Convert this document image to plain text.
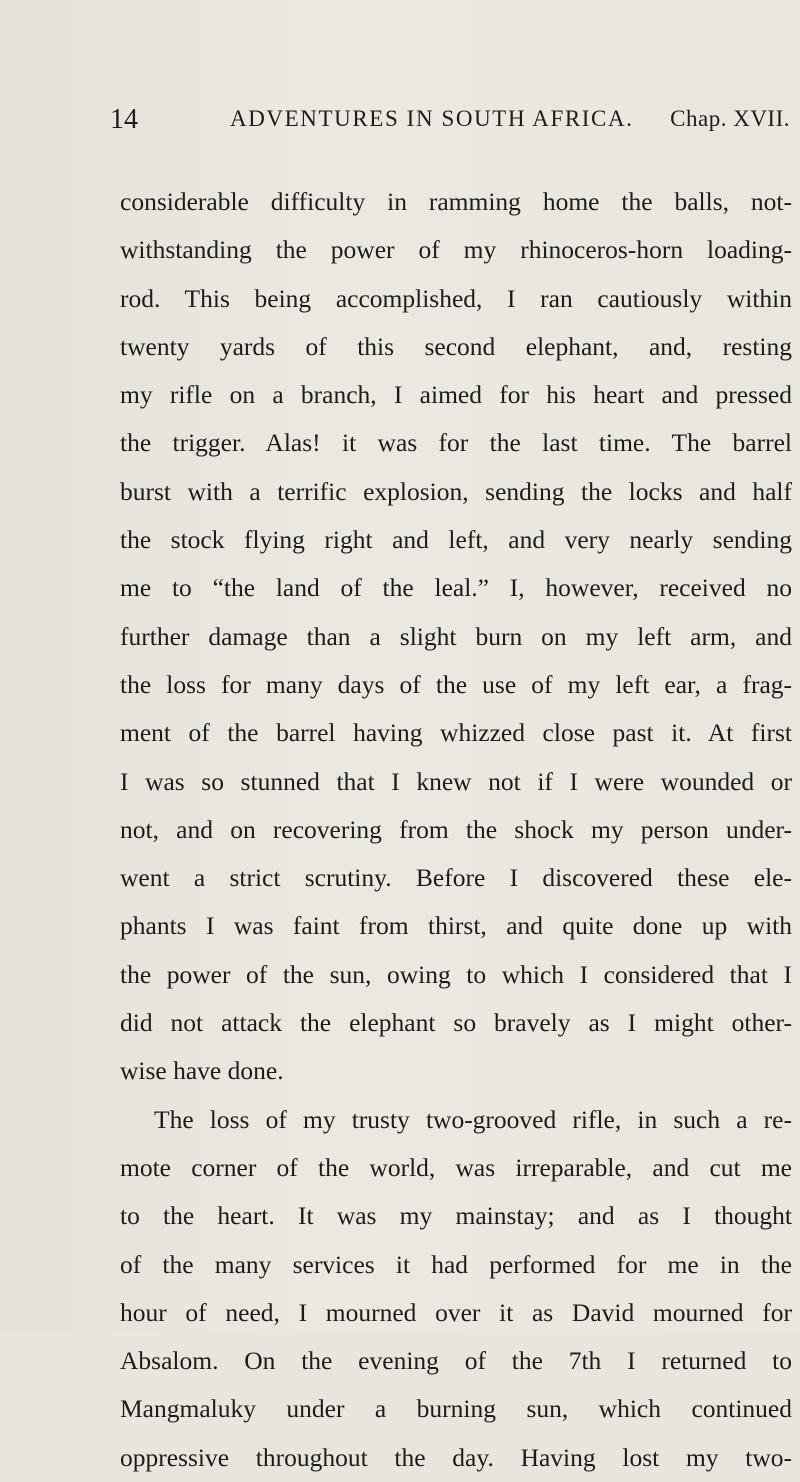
14	ADVENTURES IN SOUTH AFRICA. Chap. XVII.
considerable difficulty in ramming home the balls, not-
withstanding the power of my rhinoceros-horn loading-
rod. This being accomplished, I ran cautiously within
twenty yards of this second elephant, and, resting
my rifle on a branch, I aimed for his heart and pressed
the trigger. Alas! it was for the last time. The barrel
burst with a terrific explosion, sending the locks and half
the stock flying right and left, and very nearly sending
me to “the land of the leal.” I, however, received no
further damage than a slight burn on my left arm, and
the loss for many days of the use of my left ear, a frag-
ment of the barrel having whizzed close past it. At first
I was so stunned that I knew not if I were wounded or
not, and on recovering from the shock my person under-
went a strict scrutiny. Before I discovered these ele-
phants I was faint from thirst, and quite done up with
the power of the sun, owing to which I considered that I
did not attack the elephant so bravely as I might other-
wise have done.
The loss of my trusty two-grooved rifle, in such a re-
mote corner of the world, was irreparable, and cut me
to the heart. It was my mainstay; and as I thought
of the many services it had performed for me in the
hour of need, I mourned over it as David mourned for
Absalom. On the evening of the 7th I returned to
Mangmaluky under a burning sun, which continued
oppressive throughout the day. Having lost my two-
